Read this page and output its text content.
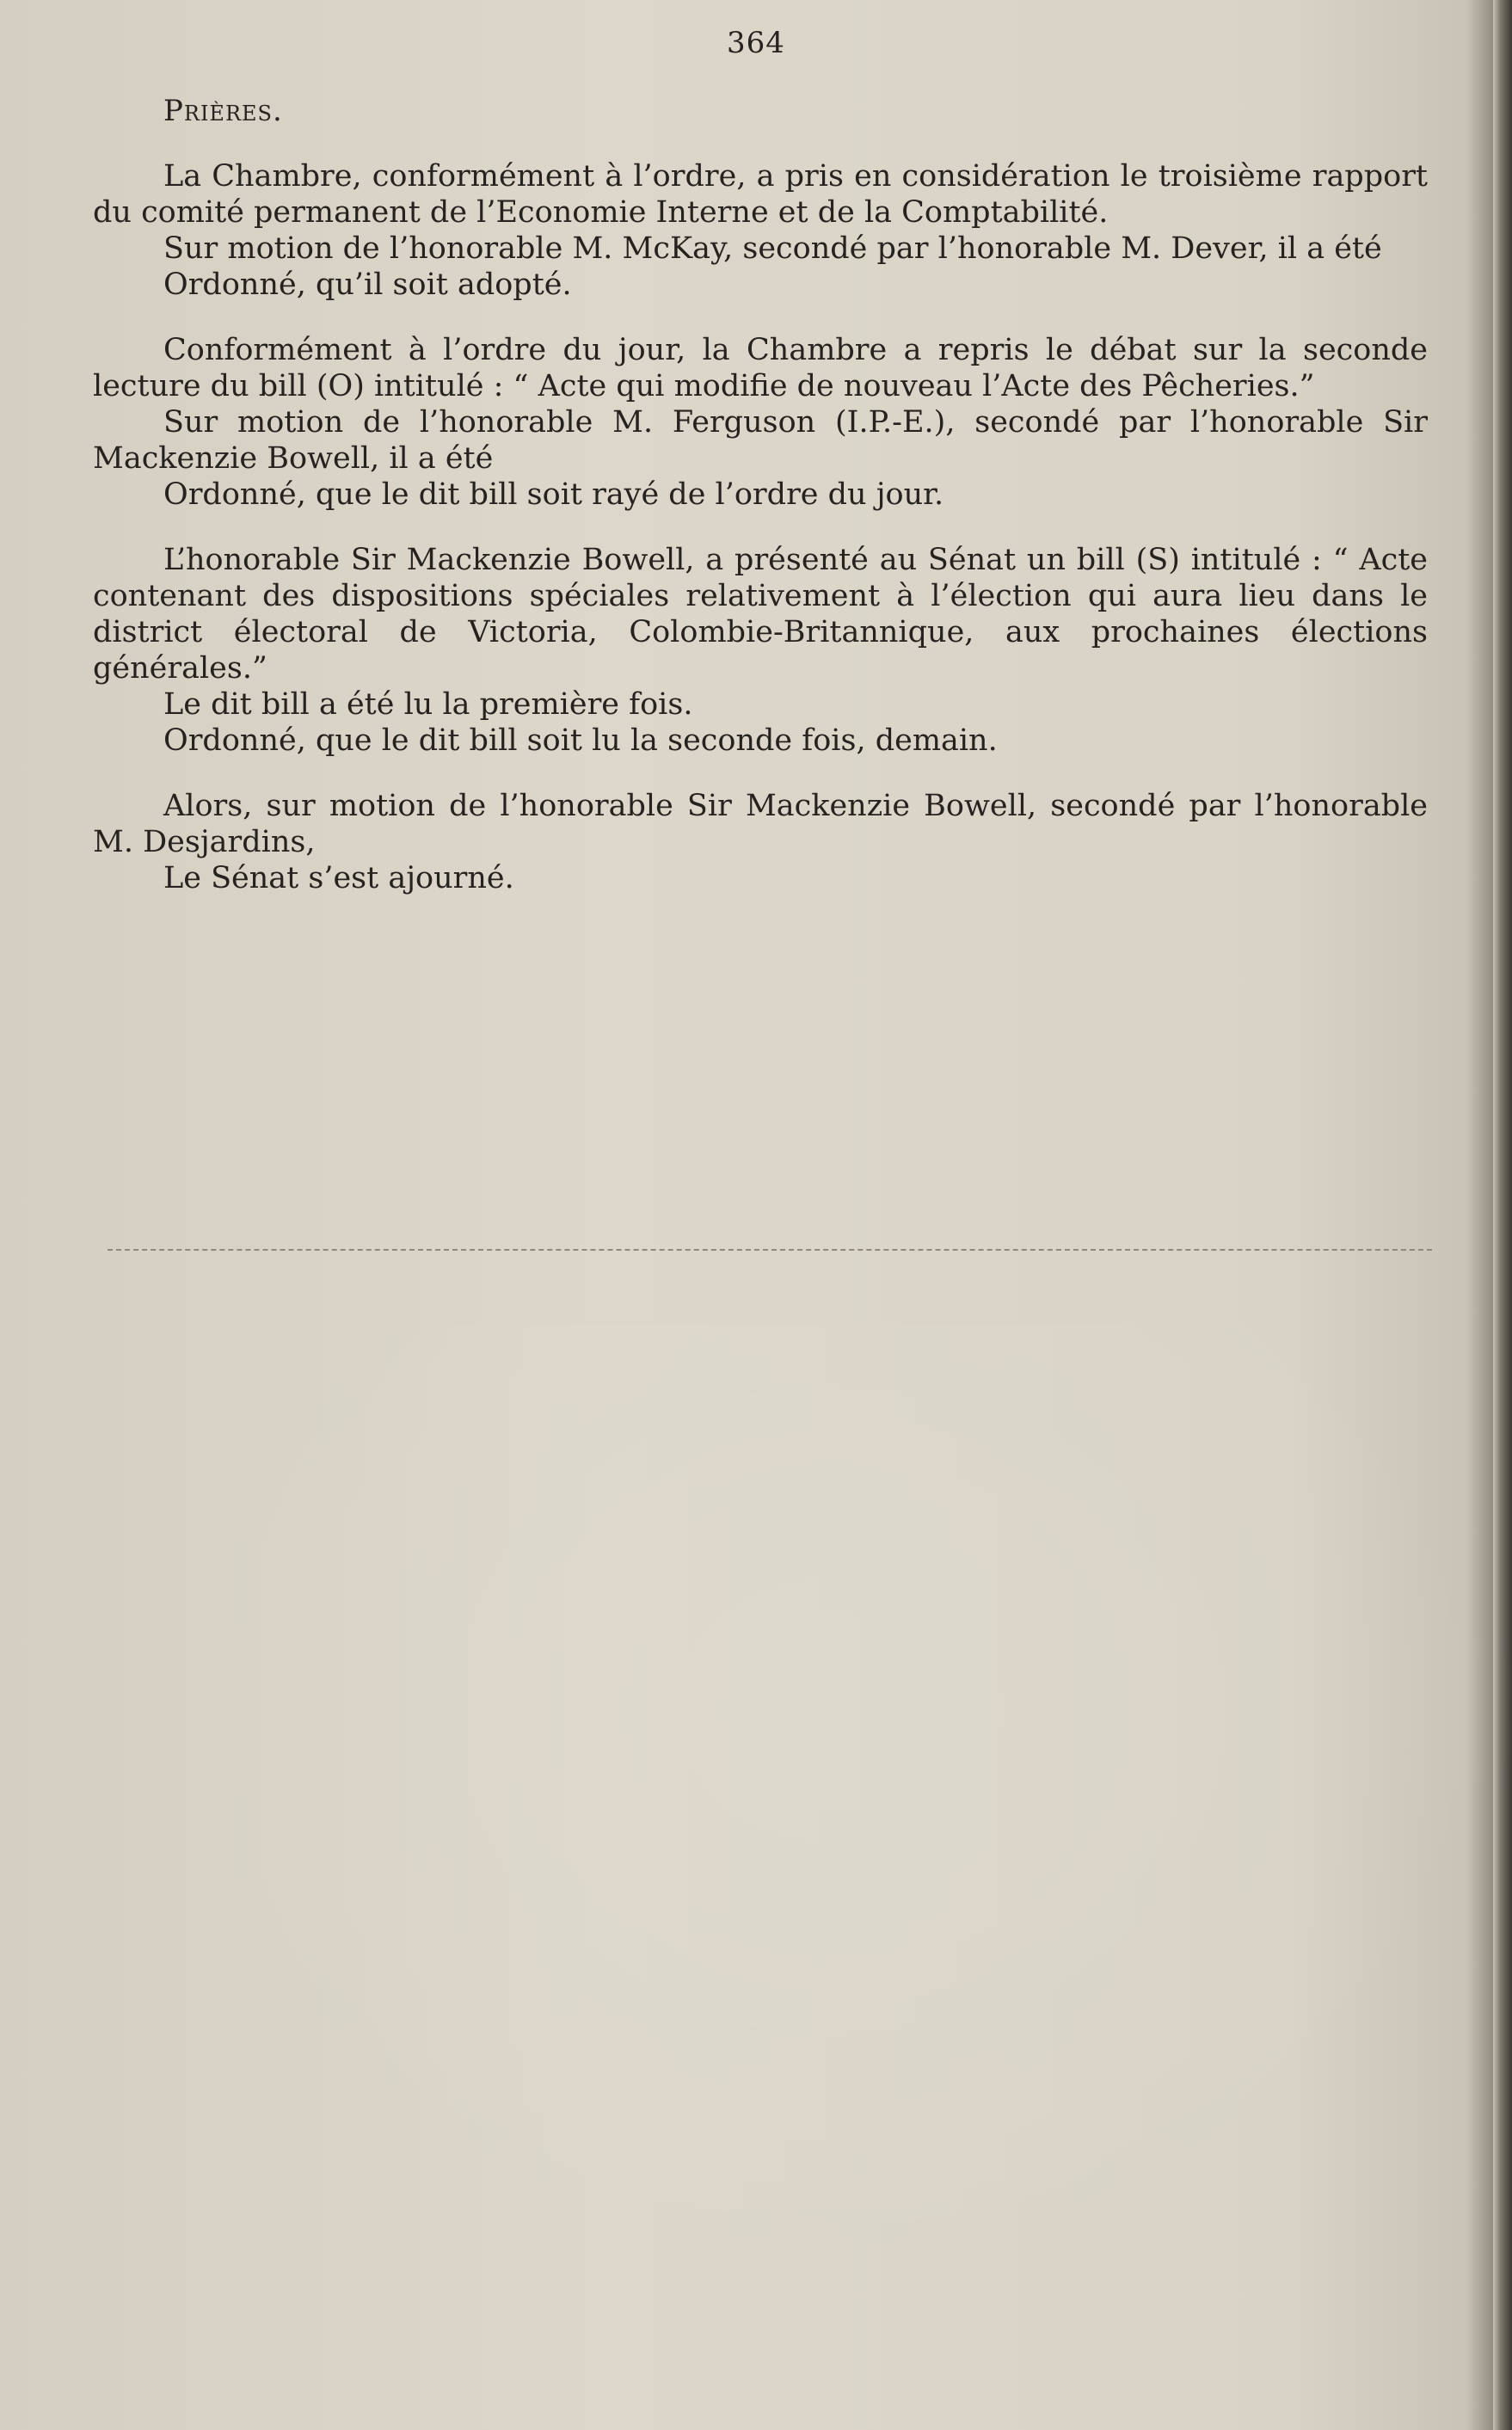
364
Prières.

La Chambre, conformément à l’ordre, a pris en considération le troisième rapport du comité permanent de l’Economie Interne et de la Comptabilité.

Sur motion de l’honorable M. McKay, secondé par l’honorable M. Dever, il a été

Ordonné, qu’il soit adopté.

Conformément à l’ordre du jour, la Chambre a repris le débat sur la seconde lecture du bill (O) intitulé : “ Acte qui modifie de nouveau l’Acte des Pêcheries.”

Sur motion de l’honorable M. Ferguson (I.P.-E.), secondé par l’honorable Sir Mackenzie Bowell, il a été

Ordonné, que le dit bill soit rayé de l’ordre du jour.

L’honorable Sir Mackenzie Bowell, a présenté au Sénat un bill (S) intitulé : “ Acte contenant des dispositions spéciales relativement à l’élection qui aura lieu dans le district électoral de Victoria, Colombie-Britannique, aux prochaines élections générales.”

Le dit bill a été lu la première fois.

Ordonné, que le dit bill soit lu la seconde fois, demain.

Alors, sur motion de l’honorable Sir Mackenzie Bowell, secondé par l’honorable M. Desjardins,

Le Sénat s’est ajourné.
